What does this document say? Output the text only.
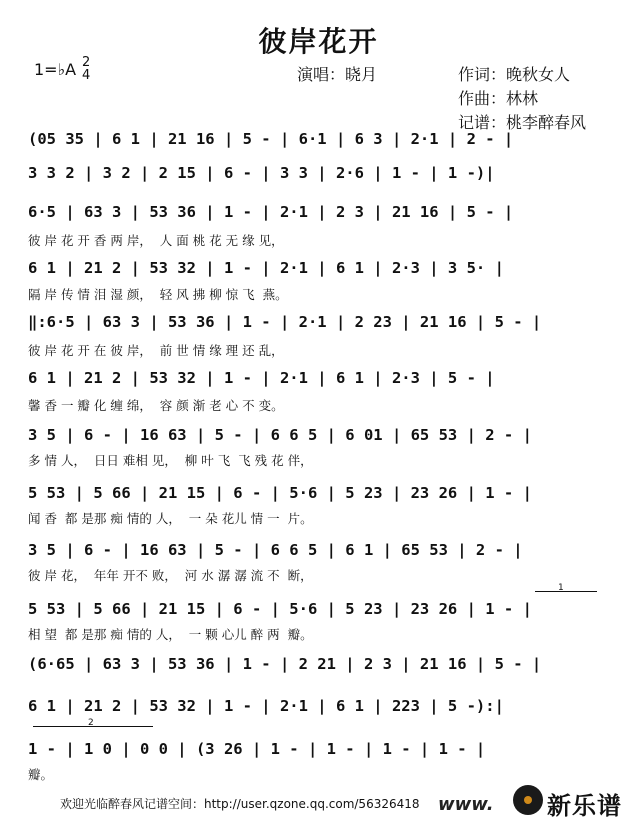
彼岸花开
1=♭A 2
4	演唱：晓月	作词：晚秋女人
作曲：林林
记谱：桃李醉春风
(05 35 | 6 1 | 21 16 | 5 - | 6·1 | 6 3 | 2·1 | 2 - |
3 3 2 | 3 2 | 2 15 | 6 - | 3 3 | 2·6 | 1 - | 1 -)|
6·5 | 63 3 | 53 36 | 1 - | 2·1 | 2 3 | 21 16 | 5 - |
彼 岸 花 开 香 两 岸，  人 面 桃 花 无 缘 见，
6 1 | 21 2 | 53 32 | 1 - | 2·1 | 6 1 | 2·3 | 3 5· |
隔 岸 传 情 泪 湿 颜，  轻 风 拂 柳 惊 飞  燕。
‖:6·5 | 63 3 | 53 36 | 1 - | 2·1 | 2 23 | 21 16 | 5 - |
彼 岸 花 开 在 彼 岸，  前 世 情 缘 理 还 乱，
6 1 | 21 2 | 53 32 | 1 - | 2·1 | 6 1 | 2·3 | 5 - |
馨 香 一 瓣 化 缠 绵，  容 颜 渐 老 心 不 变。
3 5 | 6 - | 16 63 | 5 - | 6 6 5 | 6 01 | 65 53 | 2 - |
多 情 人，  日日 难相 见，  柳 叶 飞  飞 残 花 伴，
5 53 | 5 66 | 21 15 | 6 - | 5·6 | 5 23 | 23 26 | 1 - |
闻 香  都 是那 痴 情的 人，  一 朵 花儿 情 一  片。
3 5 | 6 - | 16 63 | 5 - | 6 6 5 | 6 1 | 65 53 | 2 - |
彼 岸 花，  年年 开不 败，  河 水 潺 潺 流 不  断，
1
5 53 | 5 66 | 21 15 | 6 - | 5·6 | 5 23 | 23 26 | 1 - |
相 望  都 是那 痴 情的 人，  一 颗 心儿 醉 两  瓣。
(6·65 | 63 3 | 53 36 | 1 - | 2 21 | 2 3 | 21 16 | 5 - |
6 1 | 21 2 | 53 32 | 1 - | 2·1 | 6 1 | 223 | 5 -):|
2
1 - | 1 0 | 0 0 | (3 26 | 1 - | 1 - | 1 - | 1 - |
瓣。
欢迎光临醉春风记谱空间：http://user.qzone.qq.com/56326418 www. 新乐谱
